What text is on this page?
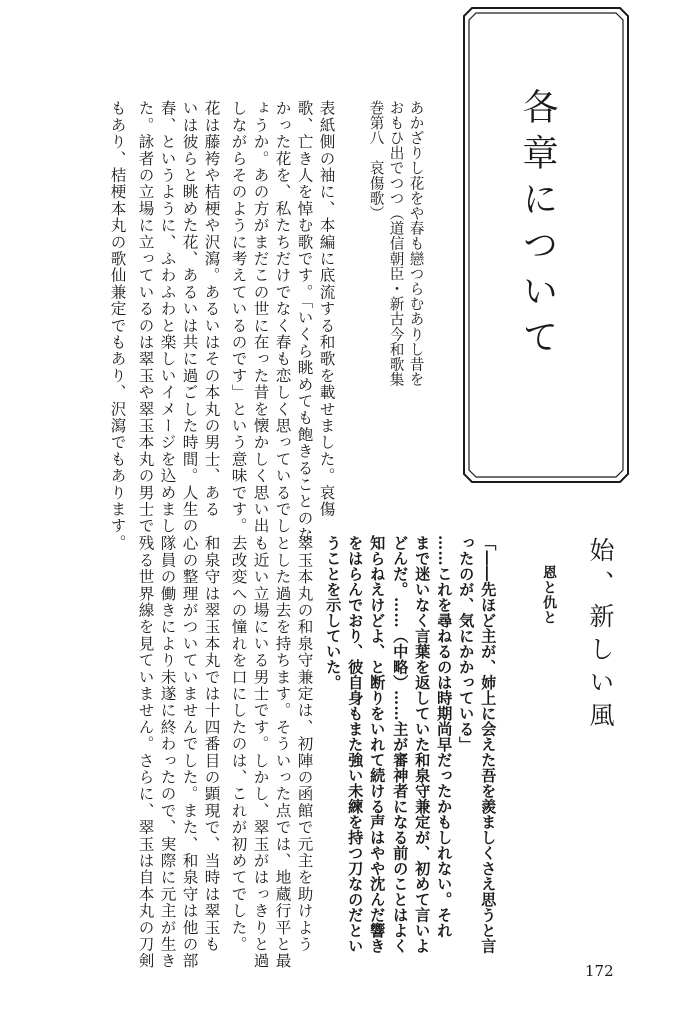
各章について
あかざりし花をや春も戀つらむありし昔を
おもひ出でつつ（道信朝臣・新古今和歌集
巻第八　哀傷歌）
表紙側の袖に、本編に底流する和歌を載せました。哀傷
歌、亡き人を悼む歌です。「いくら眺めても飽きることのな
かった花を、私たちだけでなく春も恋しく思っているでし
ょうか。あの方がまだこの世に在った昔を懐かしく思い出
しながらそのように考えているのです」という意味です。
花は藤袴や桔梗や沢瀉。あるいはその本丸の男士、ある
いは彼らと眺めた花、あるいは共に過ごした時間。人生の
春、というように、ふわふわと楽しいイメージを込めまし
た。詠者の立場に立っているのは翠玉や翠玉本丸の男士で
もあり、桔梗本丸の歌仙兼定でもあり、沢瀉でもあります。
始、新しい風
恩と仇と
「――先ほど主が、姉上に会えた吾を羨ましくさえ思うと言
ったのが、気にかかっている」
……これを尋ねるのは時期尚早だったかもしれない。それ
まで迷いなく言葉を返していた和泉守兼定が、初めて言いよ
どんだ。……（中略）……主が審神者になる前のことはよく
知らねえけどよ、と断りをいれて続ける声はやや沈んだ響き
をはらんでおり、彼自身もまた強い未練を持つ刀なのだとい
うことを示していた。
翠玉本丸の和泉守兼定は、初陣の函館で元主を助けよう
とした過去を持ちます。そういった点では、地蔵行平と最
も近い立場にいる男士です。しかし、翠玉がはっきりと過
去改変への憧れを口にしたのは、これが初めてでした。
和泉守は翠玉本丸では十四番目の顕現で、当時は翠玉も
心の整理がついていませんでした。また、和泉守は他の部
隊員の働きにより未遂に終わったので、実際に元主が生き
残る世界線を見ていません。さらに、翠玉は自本丸の刀剣
172
